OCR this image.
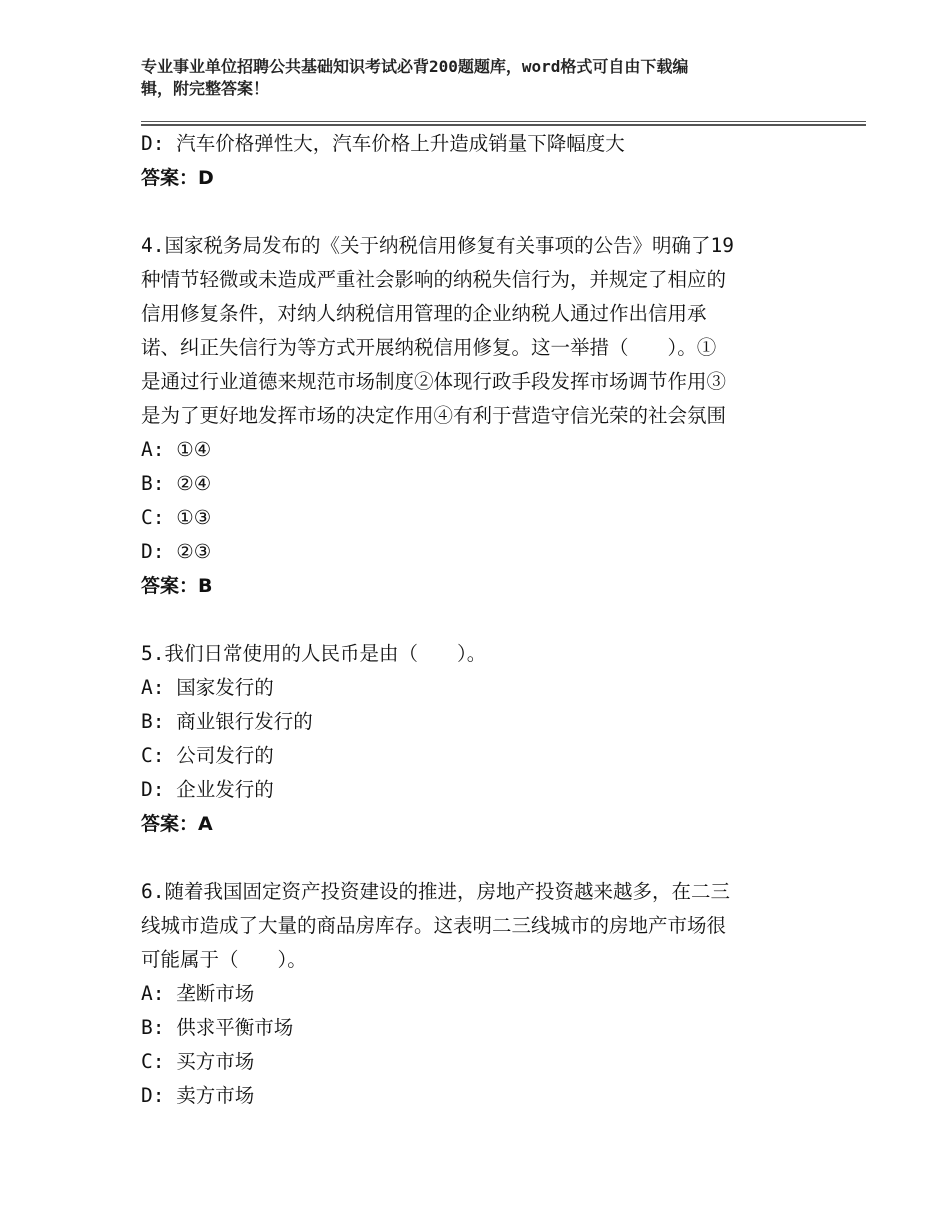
专业事业单位招聘公共基础知识考试必背200题题库，word格式可自由下载编
辑，附完整答案！
D: 汽车价格弹性大，汽车价格上升造成销量下降幅度大
答案：D
4.国家税务局发布的《关于纳税信用修复有关事项的公告》明确了19
种情节轻微或未造成严重社会影响的纳税失信行为，并规定了相应的
信用修复条件，对纳人纳税信用管理的企业纳税人通过作出信用承
诺、纠正失信行为等方式开展纳税信用修复。这一举措（　　）。①
是通过行业道德来规范市场制度②体现行政手段发挥市场调节作用③
是为了更好地发挥市场的决定作用④有利于营造守信光荣的社会氛围
A: ①④
B: ②④
C: ①③
D: ②③
答案：B
5.我们日常使用的人民币是由（　　）。
A: 国家发行的
B: 商业银行发行的
C: 公司发行的
D: 企业发行的
答案：A
6.随着我国固定资产投资建设的推进，房地产投资越来越多，在二三
线城市造成了大量的商品房库存。这表明二三线城市的房地产市场很
可能属于（　　）。
A: 垄断市场
B: 供求平衡市场
C: 买方市场
D: 卖方市场
